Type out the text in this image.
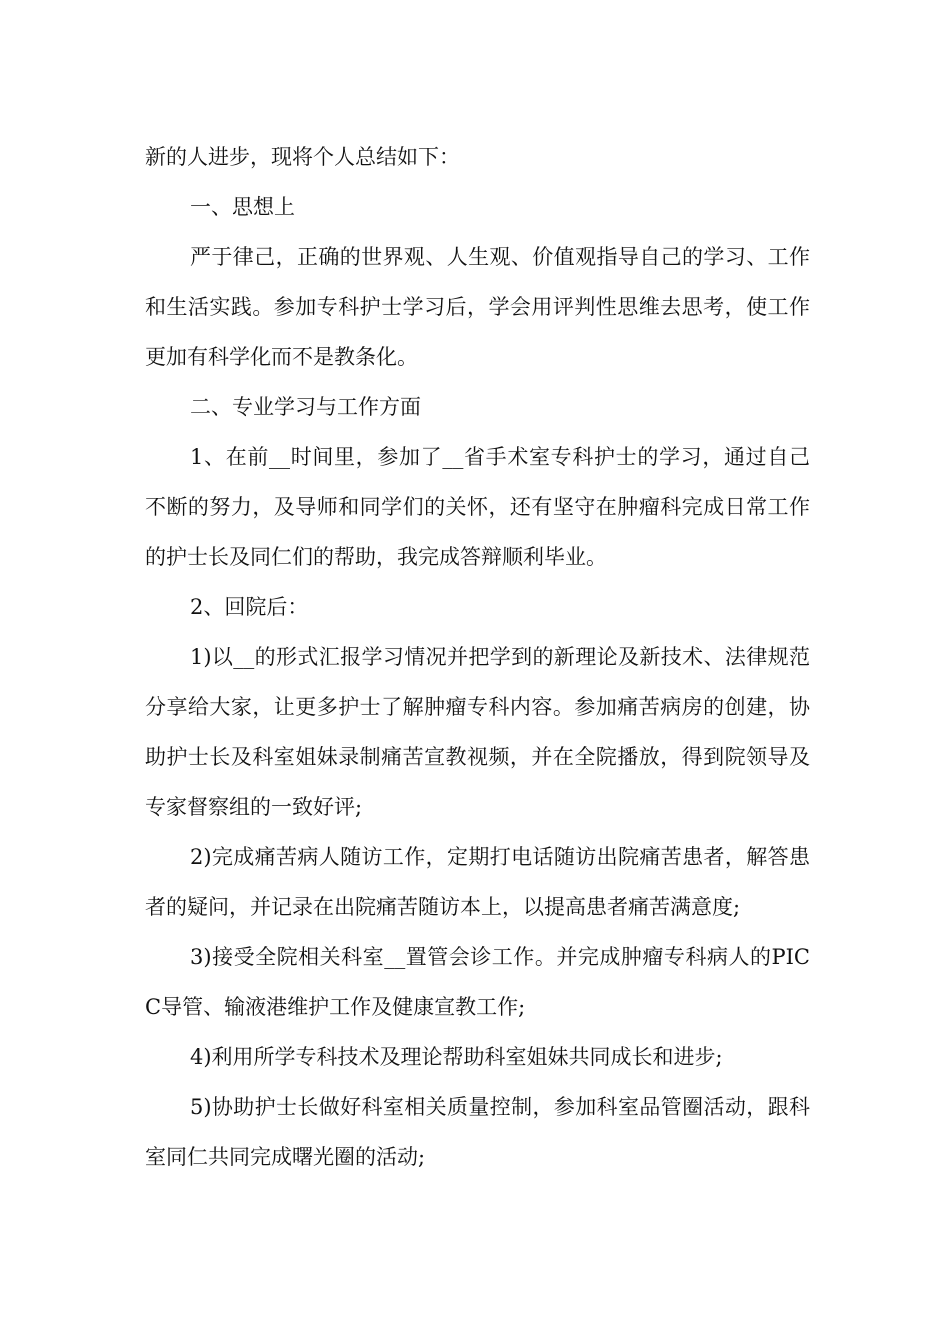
新的人进步，现将个人总结如下：

一、思想上

严于律己，正确的世界观、人生观、价值观指导自己的学习、工作和生活实践。参加专科护士学习后，学会用评判性思维去思考，使工作更加有科学化而不是教条化。

二、专业学习与工作方面

1、在前__时间里，参加了__省手术室专科护士的学习，通过自己不断的努力，及导师和同学们的关怀，还有坚守在肿瘤科完成日常工作的护士长及同仁们的帮助，我完成答辩顺利毕业。

2、回院后：

1)以__的形式汇报学习情况并把学到的新理论及新技术、法律规范分享给大家，让更多护士了解肿瘤专科内容。参加痛苦病房的创建，协助护士长及科室姐妹录制痛苦宣教视频，并在全院播放，得到院领导及专家督察组的一致好评;

2)完成痛苦病人随访工作，定期打电话随访出院痛苦患者，解答患者的疑问，并记录在出院痛苦随访本上，以提高患者痛苦满意度;

3)接受全院相关科室__置管会诊工作。并完成肿瘤专科病人的PICC导管、输液港维护工作及健康宣教工作;

4)利用所学专科技术及理论帮助科室姐妹共同成长和进步;

5)协助护士长做好科室相关质量控制，参加科室品管圈活动，跟科室同仁共同完成曙光圈的活动;
